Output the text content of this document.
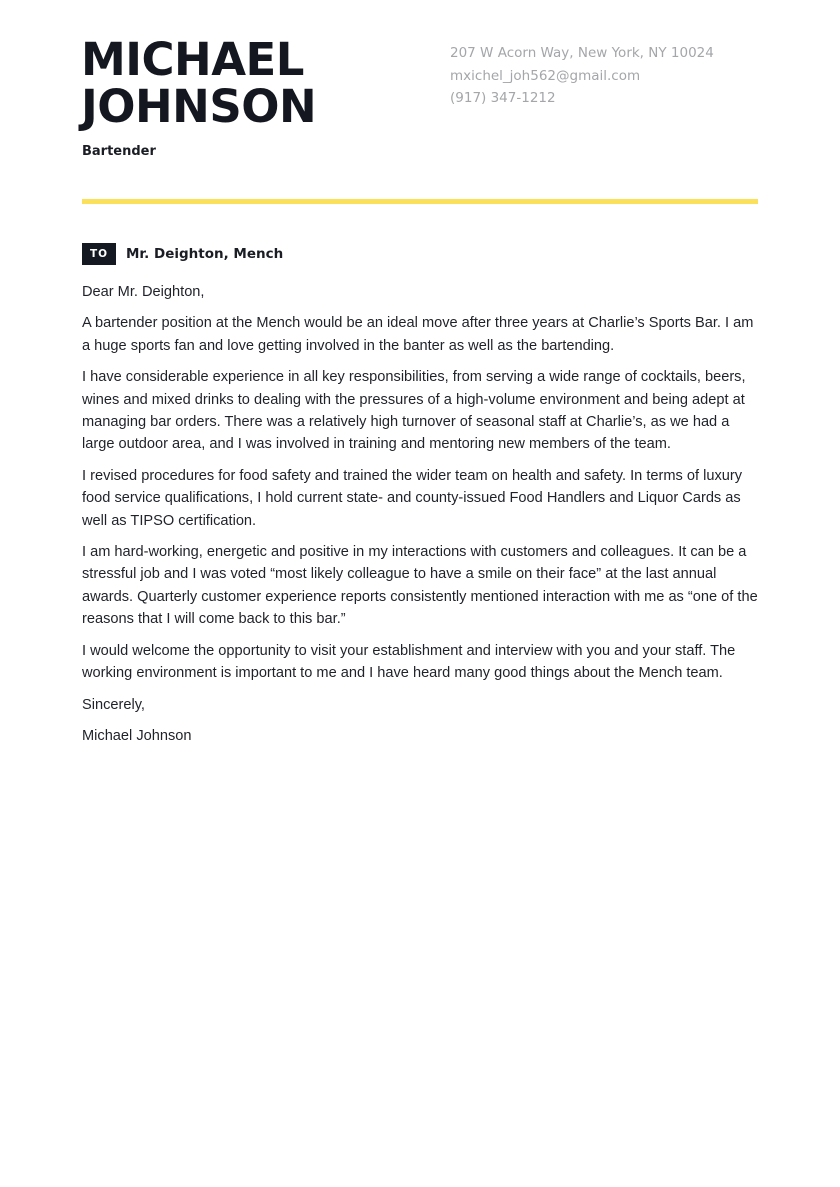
MICHAEL
JOHNSON
Bartender
207 W Acorn Way, New York, NY 10024
mxichel_joh562@gmail.com
(917) 347-1212
TO	Mr. Deighton, Mench

Dear Mr. Deighton,

A bartender position at the Mench would be an ideal move after three years at Charlie’s Sports Bar. I am a huge sports fan and love getting involved in the banter as well as the bartending.

I have considerable experience in all key responsibilities, from serving a wide range of cocktails, beers, wines and mixed drinks to dealing with the pressures of a high-volume environment and being adept at managing bar orders. There was a relatively high turnover of seasonal staff at Charlie’s, as we had a large outdoor area, and I was involved in training and mentoring new members of the team.

I revised procedures for food safety and trained the wider team on health and safety. In terms of luxury food service qualifications, I hold current state- and county-issued Food Handlers and Liquor Cards as well as TIPSO certification.

I am hard-working, energetic and positive in my interactions with customers and colleagues. It can be a stressful job and I was voted “most likely colleague to have a smile on their face” at the last annual awards. Quarterly customer experience reports consistently mentioned interaction with me as “one of the reasons that I will come back to this bar.”

I would welcome the opportunity to visit your establishment and interview with you and your staff. The working environment is important to me and I have heard many good things about the Mench team.

Sincerely,

Michael Johnson
